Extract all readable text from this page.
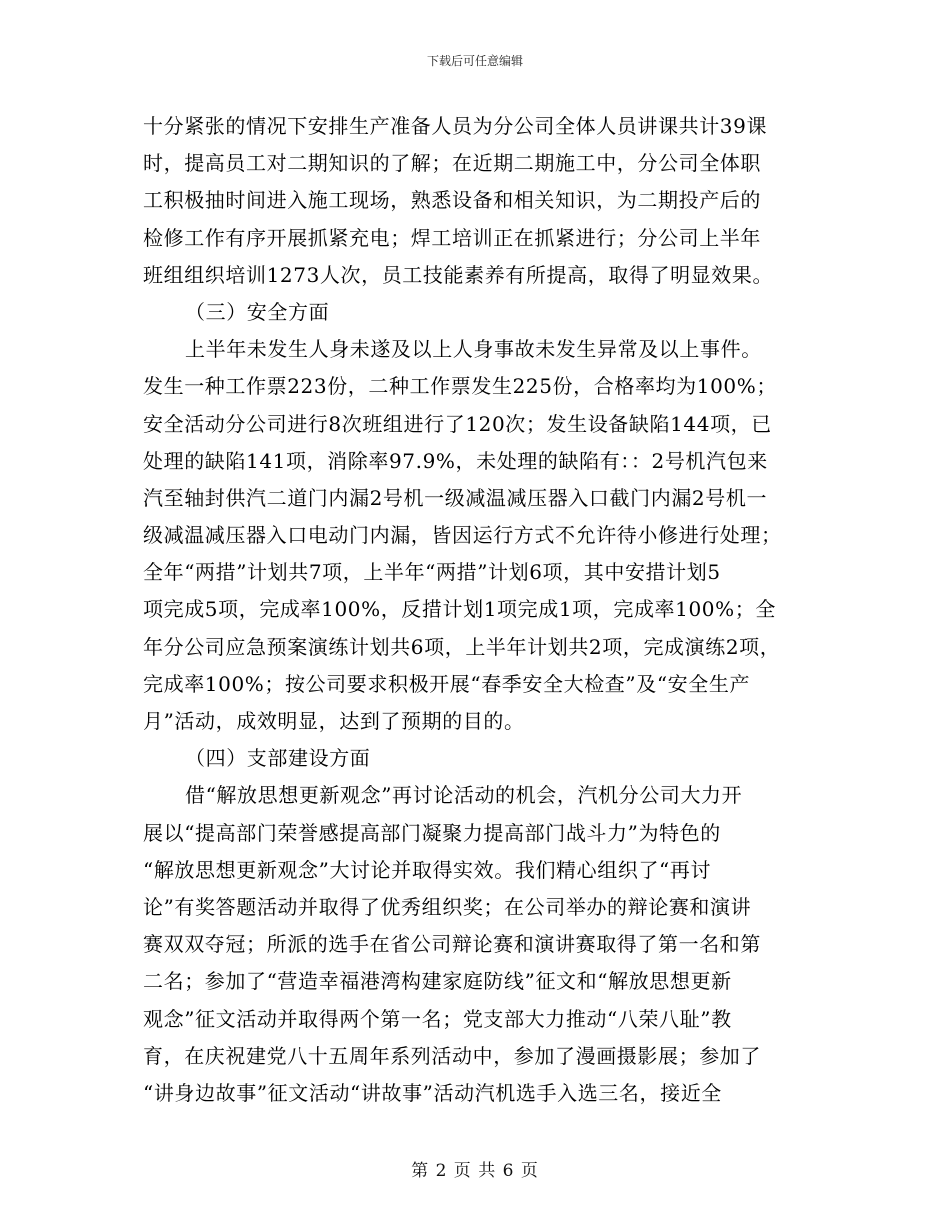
下载后可任意编辑
十分紧张的情况下安排生产准备人员为分公司全体人员讲课共计39课
时，提高员工对二期知识的了解；在近期二期施工中，分公司全体职
工积极抽时间进入施工现场，熟悉设备和相关知识，为二期投产后的
检修工作有序开展抓紧充电；焊工培训正在抓紧进行；分公司上半年
班组组织培训1273人次，员工技能素养有所提高，取得了明显效果。
（三）安全方面
上半年未发生人身未遂及以上人身事故未发生异常及以上事件。
发生一种工作票223份，二种工作票发生225份，合格率均为100%；
安全活动分公司进行8次班组进行了120次；发生设备缺陷144项，已
处理的缺陷141项，消除率97.9%，未处理的缺陷有：：2号机汽包来
汽至轴封供汽二道门内漏2号机一级减温减压器入口截门内漏2号机一
级减温减压器入口电动门内漏，皆因运行方式不允许待小修进行处理；
全年“两措”计划共7项，上半年“两措”计划6项，其中安措计划5
项完成5项，完成率100%，反措计划1项完成1项，完成率100%；全
年分公司应急预案演练计划共6项，上半年计划共2项，完成演练2项，
完成率100%；按公司要求积极开展“春季安全大检查”及“安全生产
月”活动，成效明显，达到了预期的目的。
（四）支部建设方面
借“解放思想更新观念”再讨论活动的机会，汽机分公司大力开
展以“提高部门荣誉感提高部门凝聚力提高部门战斗力”为特色的
“解放思想更新观念”大讨论并取得实效。我们精心组织了“再讨
论”有奖答题活动并取得了优秀组织奖；在公司举办的辩论赛和演讲
赛双双夺冠；所派的选手在省公司辩论赛和演讲赛取得了第一名和第
二名；参加了“营造幸福港湾构建家庭防线”征文和“解放思想更新
观念”征文活动并取得两个第一名；党支部大力推动“八荣八耻”教
育，在庆祝建党八十五周年系列活动中，参加了漫画摄影展；参加了
“讲身边故事”征文活动“讲故事”活动汽机选手入选三名，接近全
第 2 页 共 6 页
